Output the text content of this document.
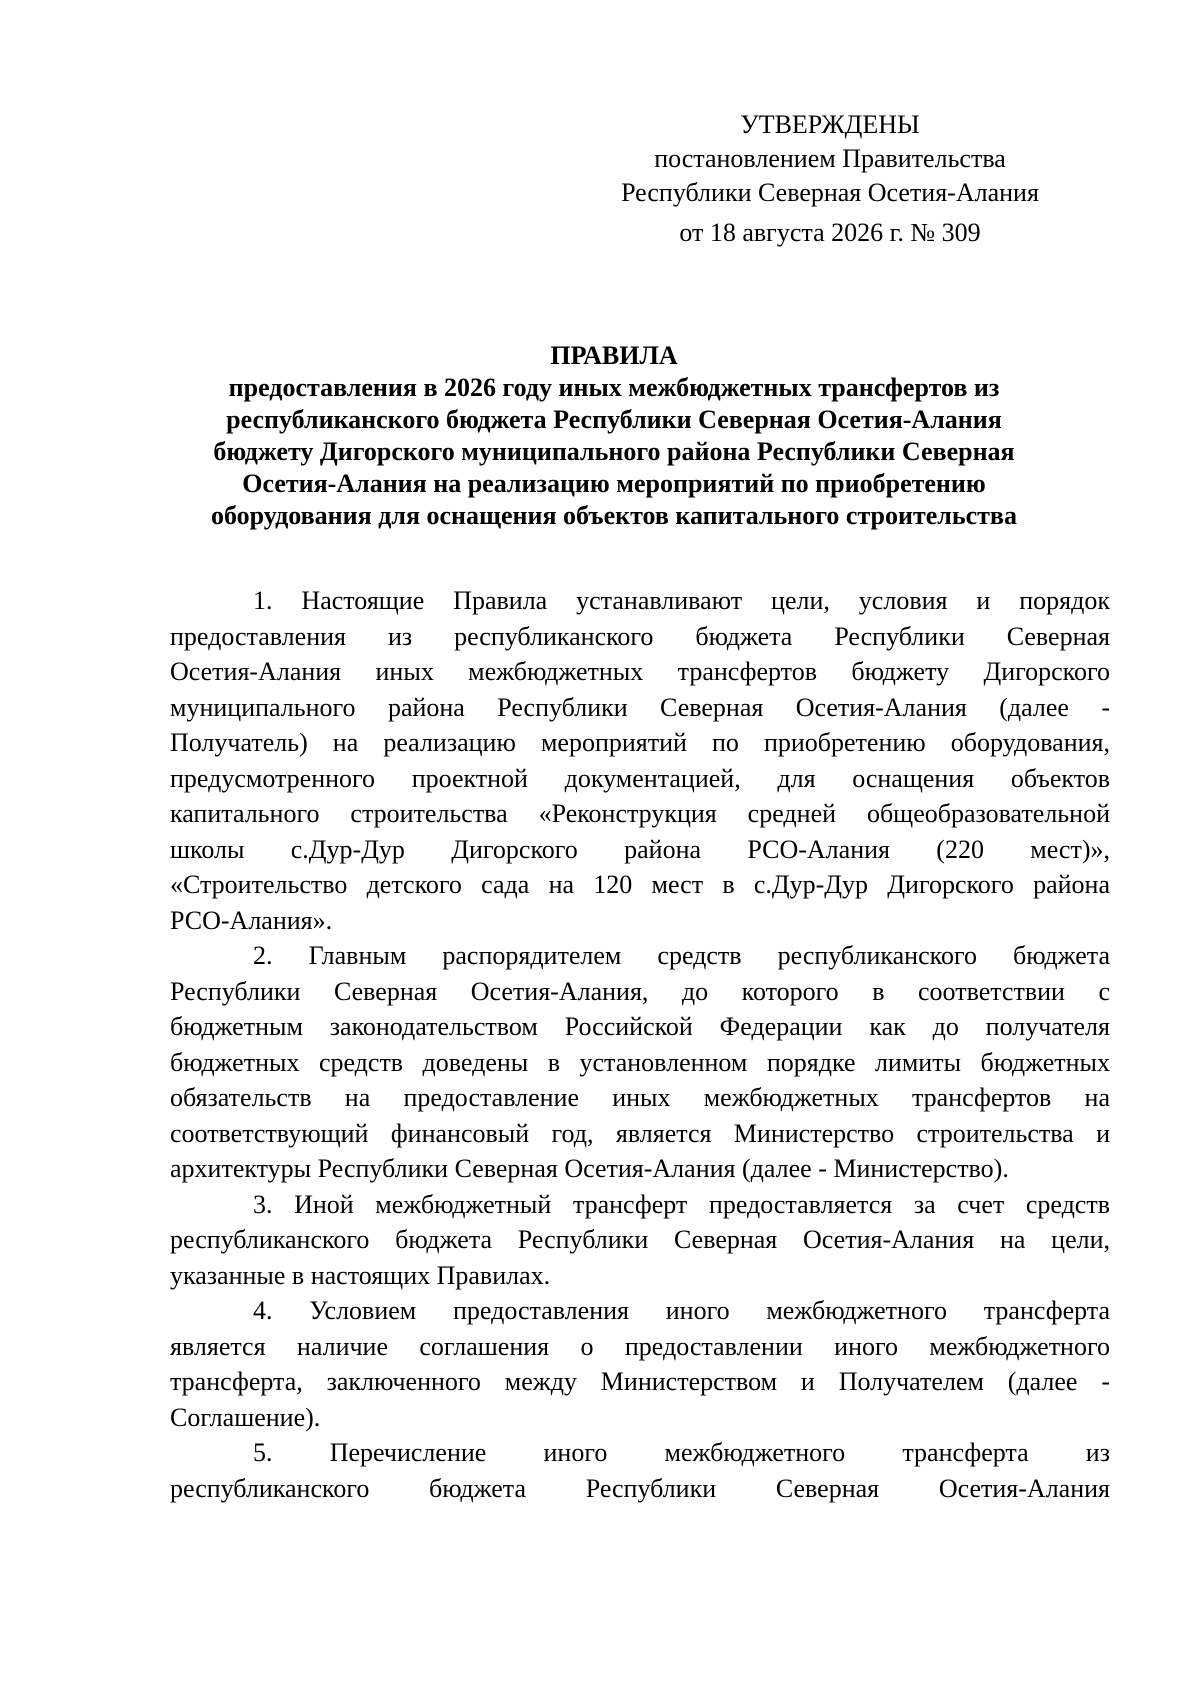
УТВЕРЖДЕНЫ
постановлением Правительства
Республики Северная Осетия-Алания
от 18 августа 2026 г. № 309
ПРАВИЛА
предоставления в 2026 году иных межбюджетных трансфертов из
республиканского бюджета Республики Северная Осетия-Алания
бюджету Дигорского муниципального района Республики Северная
Осетия-Алания на реализацию мероприятий по приобретению
оборудования для оснащения объектов капитального строительства
1. Настоящие Правила устанавливают цели, условия и порядок
предоставления из республиканского бюджета Республики Северная
Осетия-Алания иных межбюджетных трансфертов бюджету Дигорского
муниципального района Республики Северная Осетия-Алания (далее -
Получатель) на реализацию мероприятий по приобретению оборудования,
предусмотренного проектной документацией, для оснащения объектов
капитального строительства «Реконструкция средней общеобразовательной
школы с.Дур-Дур Дигорского района РСО-Алания (220 мест)»,
«Строительство детского сада на 120 мест в с.Дур-Дур Дигорского района
РСО-Алания».
2. Главным распорядителем средств республиканского бюджета
Республики Северная Осетия-Алания, до которого в соответствии с
бюджетным законодательством Российской Федерации как до получателя
бюджетных средств доведены в установленном порядке лимиты бюджетных
обязательств на предоставление иных межбюджетных трансфертов на
соответствующий финансовый год, является Министерство строительства и
архитектуры Республики Северная Осетия-Алания (далее - Министерство).
3. Иной межбюджетный трансферт предоставляется за счет средств
республиканского бюджета Республики Северная Осетия-Алания на цели,
указанные в настоящих Правилах.
4. Условием предоставления иного межбюджетного трансферта
является наличие соглашения о предоставлении иного межбюджетного
трансферта, заключенного между Министерством и Получателем (далее -
Соглашение).
5. Перечисление иного межбюджетного трансферта из
республиканского бюджета Республики Северная Осетия-Алания
